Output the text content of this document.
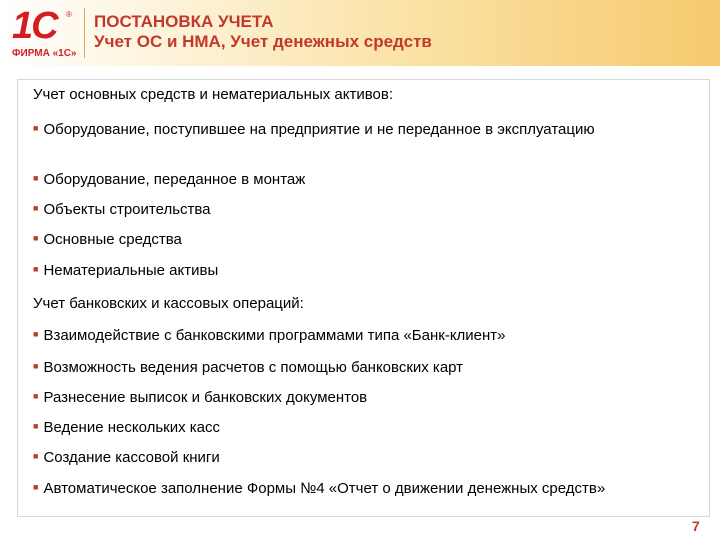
1С ®
ФИРМА «1С»
ПОСТАНОВКА УЧЕТА
Учет ОС и НМА, Учет денежных средств
Учет основных средств и нематериальных активов:
■ Оборудование, поступившее на предприятие и не переданное в эксплуатацию
■ Оборудование, переданное в монтаж
■ Объекты строительства
■ Основные средства
■ Нематериальные активы
Учет банковских и кассовых операций:
■ Взаимодействие с банковскими программами типа «Банк-клиент»
■ Возможность ведения расчетов с помощью банковских карт
■ Разнесение выписок и банковских документов
■ Ведение нескольких касс
■ Создание кассовой книги
■ Автоматическое заполнение Формы №4 «Отчет о движении денежных средств»
7
